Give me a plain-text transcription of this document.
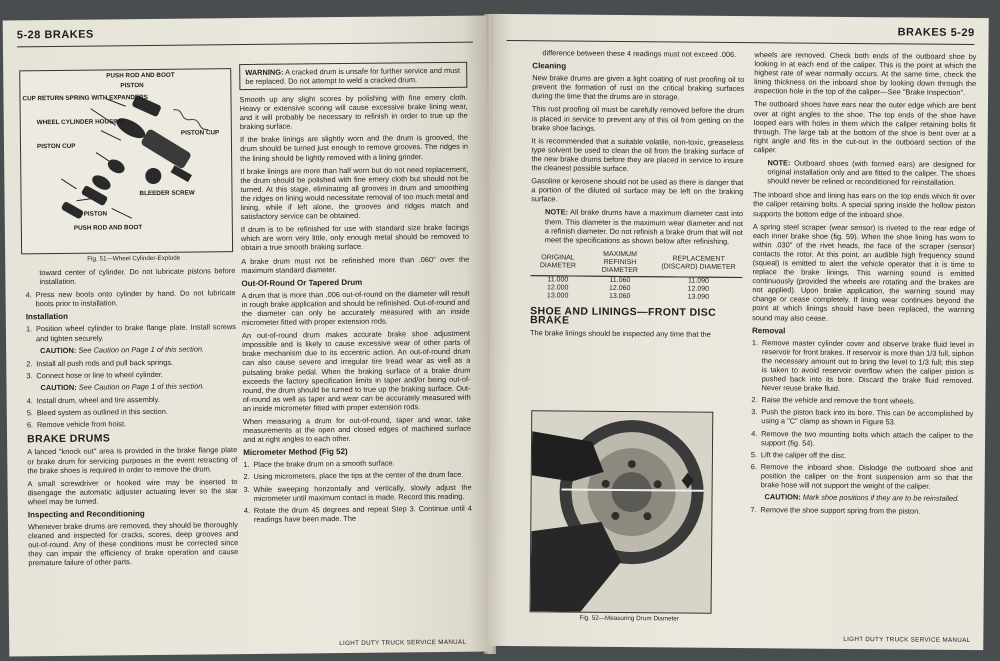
5-28 BRAKES
PUSH ROD AND BOOT
PISTON
CUP RETURN SPRING WITH EXPANDERS
WHEEL CYLINDER HOUSING
PISTON CUP
PISTON CUP
BLEEDER SCREW
PISTON
PUSH ROD AND BOOT
Fig. 51—Wheel Cylinder-Explode

toward center of cylinder. Do not lubricate pistons before installation.

4. Press new boots onto cylinder by hand. Do not lubricate boots prior to installation.
Installation
1. Position wheel cylinder to brake flange plate. Install screws and tighten securely.
CAUTION: See Caution on Page 1 of this section.
2. Install all push rods and pull back springs.
3. Connect hose or line to wheel cylinder.
CAUTION: See Caution on Page 1 of this section.
4. Install drum, wheel and tire assembly.
5. Bleed system as outlined in this section.
6. Remove vehicle from hoist.
BRAKE DRUMS

A lanced "knock out" area is provided in the brake flange plate or brake drum for servicing purposes in the event retracting of the brake shoes is required in order to remove the drum.

A small screwdriver or hooked wire may be inserted to disengage the automatic adjuster actuating lever so the star wheel may be turned.

Inspecting and Reconditioning

Whenever brake drums are removed, they should be thoroughly cleaned and inspected for cracks, scores, deep grooves and out-of-round. Any of these conditions must be corrected since they can impair the efficiency of brake operation and cause premature failure of other parts.

WARNING: A cracked drum is unsafe for further service and must be replaced. Do not attempt to weld a cracked drum.

Smooth up any slight scores by polishing with fine emery cloth. Heavy or extensive scoring will cause excessive brake lining wear, and it will probably be necessary to refinish in order to true up the braking surface.

If the brake linings are slightly worn and the drum is grooved, the drum should be turned just enough to remove grooves. The ridges in the lining should be lightly removed with a lining grinder.

If brake linings are more than half worn but do not need replacement, the drum should be polished with fine emery cloth but should not be turned. At this stage, eliminating all grooves in drum and smoothing the ridges on lining would necessitate removal of too much metal and lining, while if left alone, the grooves and ridges match and satisfactory service can be obtained.

If drum is to be refinished for use with standard size brake facings which are worn very little, only enough metal should be removed to obtain a true smooth braking surface.

A brake drum must not be refinished more than .060" over the maximum standard diameter.

Out-Of-Round Or Tapered Drum

A drum that is more than .006 out-of-round on the diameter will result in rough brake application and should be refinished. Out-of-round and the diameter can only be accurately measured with an inside micrometer fitted with proper extension rods.

An out-of-round drum makes accurate brake shoe adjustment impossible and is likely to cause excessive wear of other parts of brake mechanism due to its eccentric action. An out-of-round drum can also cause severe and irregular tire tread wear as well as a pulsating brake pedal. When the braking surface of a brake drum exceeds the factory specification limits in taper and/or being out-of-round, the drum should be turned to true up the braking surface. Out-of-round as well as taper and wear can be accurately measured with an inside micrometer fitted with proper extension rods.

When measuring a drum for out-of-round, taper and wear, take measurements at the open and closed edges of machined surface and at right angles to each other.

Micrometer Method (Fig 52)
1. Place the brake drum on a smooth surface.
2. Using micrometers, place the tips at the center of the drum face.
3. While sweeping horizontally and vertically, slowly adjust the micrometer until maximum contact is made. Record this reading.
4. Rotate the drum 45 degrees and repeat Step 3. Continue until 4 readings have been made. The
LIGHT DUTY TRUCK SERVICE MANUAL
BRAKES 5-29

difference between these 4 readings must not exceed .006.

Cleaning

New brake drums are given a light coating of rust proofing oil to prevent the formation of rust on the critical braking surfaces during the time that the drums are in storage.

This rust proofing oil must be carefully removed before the drum is placed in service to prevent any of this oil from getting on the brake shoe facings.

It is recommended that a suitable volatile, non-toxic, greaseless type solvent be used to clean the oil from the braking surface of the new brake drums before they are placed in service to insure the cleanest possible surface.

Gasoline or kerosene should not be used as there is danger that a portion of the diluted oil surface may be left on the braking surface.

NOTE: All brake drums have a maximum diameter cast into them. This diameter is the maximum wear diameter and not a refinish diameter. Do not refinish a brake drum that will not meet the specifications as shown below after refinishing.
ORIGINAL DIAMETER	MAXIMUM REFINISH DIAMETER	REPLACEMENT (DISCARD) DIAMETER
11.000	11.060	11.090
12.000	12.060	12.090
13.000	13.060	13.090
SHOE AND LININGS—FRONT DISC BRAKE

The brake linings should be inspected any time that the

Fig. 52—Measuring Drum Diameter

wheels are removed. Check both ends of the outboard shoe by looking in at each end of the caliper. This is the point at which the highest rate of wear normally occurs. At the same time, check the lining thickness on the inboard shoe by looking down through the inspection hole in the top of the caliper—See "Brake Inspection".

The outboard shoes have ears near the outer edge which are bent over at right angles to the shoe. The top ends of the shoe have looped ears with holes in them which the caliper retaining bolts fit through. The large tab at the bottom of the shoe is bent over at a right angle and fits in the cut-out in the outboard section of the caliper.

NOTE: Outboard shoes (with formed ears) are designed for original installation only and are fitted to the caliper. The shoes should never be relined or reconditioned for reinstallation.

The inboard shoe and lining has ears on the top ends which fit over the caliper retaining bolts. A special spring inside the hollow piston supports the bottom edge of the inboard shoe.

A spring steel scraper (wear sensor) is riveted to the rear edge of each inner brake shoe (fig. 59). When the shoe lining has worn to within .030" of the rivet heads, the face of the scraper (sensor) contacts the rotor. At this point, an audible high frequency sound (squeal) is emitted to alert the vehicle operator that it is time to replace the brake linings. This warning sound is emitted continuously (provided the wheels are rotating and the brakes are not applied). Upon brake application, the warning sound may change or cease completely. If lining wear continues beyond the point at which linings should have been replaced, the warning sound may also cease.

Removal
1. Remove master cylinder cover and observe brake fluid level in reservoir for front brakes. If reservoir is more than 1/3 full, siphon the necessary amount out to bring the level to 1/3 full; this step is taken to avoid reservoir overflow when the caliper piston is pushed back into its bore. Discard the brake fluid removed. Never reuse brake fluid.
2. Raise the vehicle and remove the front wheels.
3. Push the piston back into its bore. This can be accomplished by using a "C" clamp as shown in Figure 53.
4. Remove the two mounting bolts which attach the caliper to the support (fig. 54).
5. Lift the caliper off the disc.
6. Remove the inboard shoe. Dislodge the outboard shoe and position the caliper on the front suspension arm so that the brake hose will not support the weight of the caliper.
CAUTION: Mark shoe positions if they are to be reinstalled.
7. Remove the shoe support spring from the piston.
LIGHT DUTY TRUCK SERVICE MANUAL
